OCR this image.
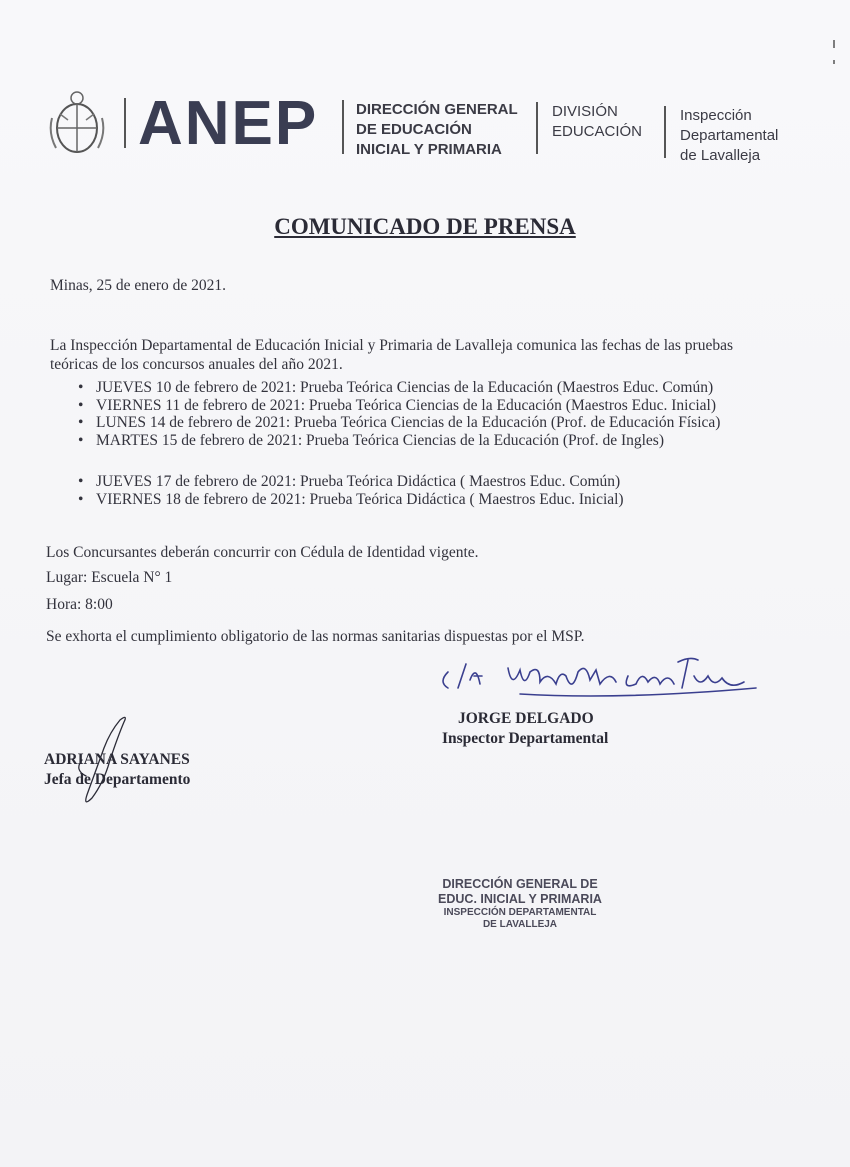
ANEP	DIRECCIÓN GENERAL
DE EDUCACIÓN
INICIAL Y PRIMARIA
DIVISIÓN
EDUCACIÓN
Inspección
Departamental
de Lavalleja
COMUNICADO DE PRENSA
Minas, 25 de enero de 2021.
La Inspección Departamental de Educación Inicial y Primaria de Lavalleja comunica las fechas de las pruebas
teóricas de los concursos anuales del año 2021.
• JUEVES 10 de febrero de 2021: Prueba Teórica Ciencias de la Educación (Maestros Educ. Común)
• VIERNES 11 de febrero de 2021: Prueba Teórica Ciencias de la Educación (Maestros Educ. Inicial)
• LUNES 14 de febrero de 2021: Prueba Teórica Ciencias de la Educación (Prof. de Educación Física)
• MARTES 15 de febrero de 2021: Prueba Teórica Ciencias de la Educación (Prof. de Ingles)
• JUEVES 17 de febrero de 2021: Prueba Teórica Didáctica ( Maestros Educ. Común)
• VIERNES 18 de febrero de 2021: Prueba Teórica Didáctica ( Maestros Educ. Inicial)
Los Concursantes deberán concurrir con Cédula de Identidad vigente.
Lugar: Escuela N° 1
Hora: 8:00
Se exhorta el cumplimiento obligatorio de las normas sanitarias dispuestas por el MSP.
JORGE DELGADO
Inspector Departamental
ADRIANA SAYANES
Jefa de Departamento
DIRECCIÓN GENERAL DE
EDUC. INICIAL Y PRIMARIA
INSPECCIÓN DEPARTAMENTAL
DE LAVALLEJA
